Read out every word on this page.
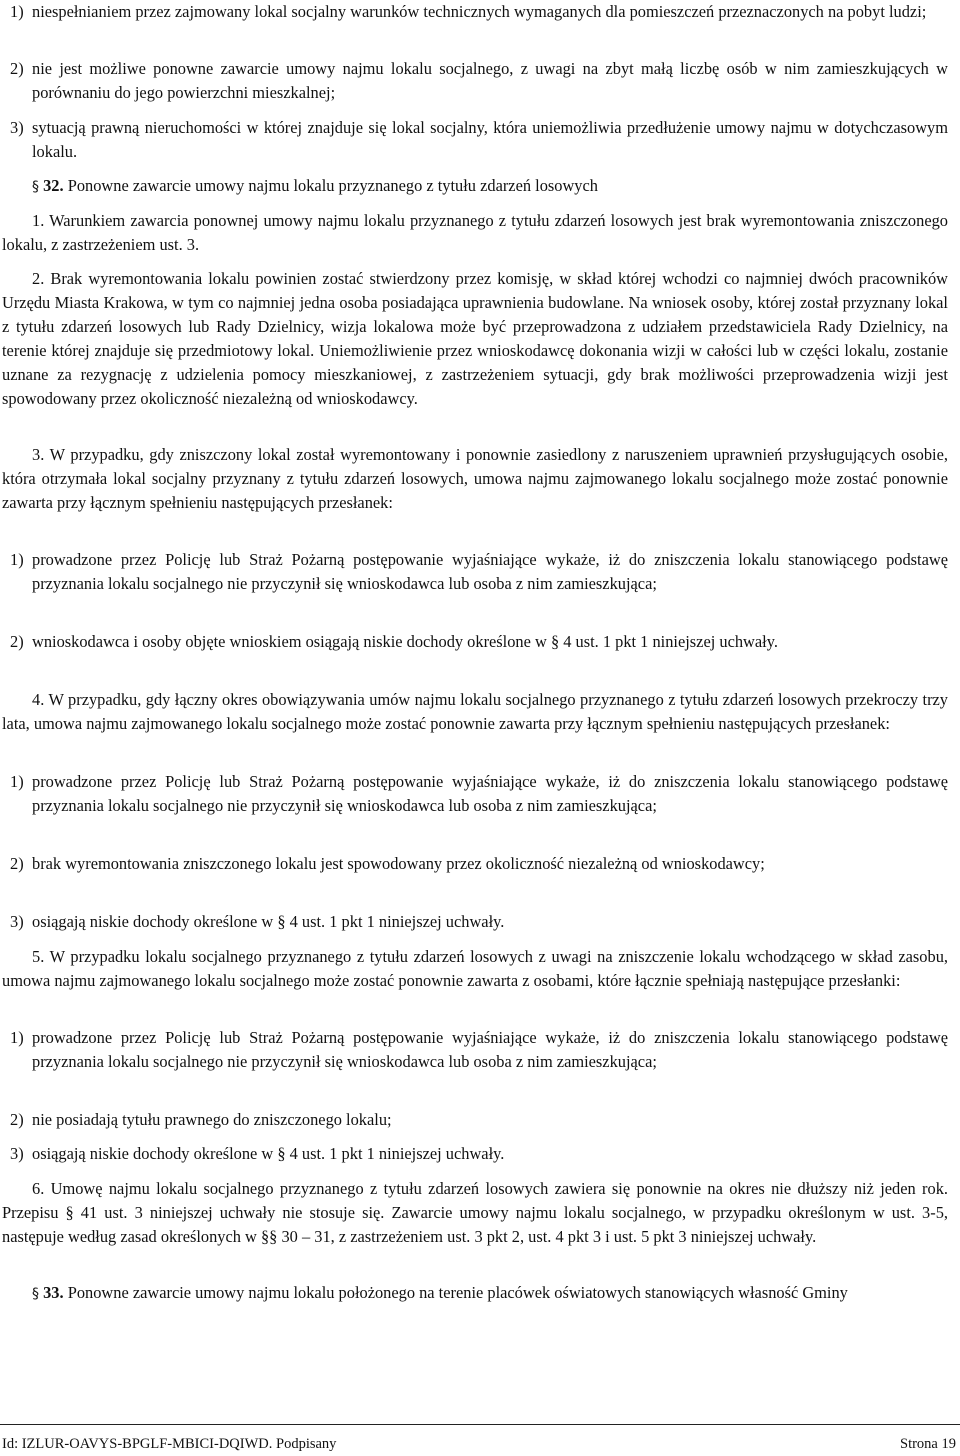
1) niespełnianiem przez zajmowany lokal socjalny warunków technicznych wymaganych dla pomieszczeń przeznaczonych na pobyt ludzi;
2) nie jest możliwe ponowne zawarcie umowy najmu lokalu socjalnego, z uwagi na zbyt małą liczbę osób w nim zamieszkujących w porównaniu do jego powierzchni mieszkalnej;
3) sytuacją prawną nieruchomości w której znajduje się lokal socjalny, która uniemożliwia przedłużenie umowy najmu w dotychczasowym lokalu.

§ 32. Ponowne zawarcie umowy najmu lokalu przyznanego z tytułu zdarzeń losowych

1. Warunkiem zawarcia ponownej umowy najmu lokalu przyznanego z tytułu zdarzeń losowych jest brak wyremontowania zniszczonego lokalu, z zastrzeżeniem ust. 3.

2. Brak wyremontowania lokalu powinien zostać stwierdzony przez komisję, w skład której wchodzi co najmniej dwóch pracowników Urzędu Miasta Krakowa, w tym co najmniej jedna osoba posiadająca uprawnienia budowlane. Na wniosek osoby, której został przyznany lokal z tytułu zdarzeń losowych lub Rady Dzielnicy, wizja lokalowa może być przeprowadzona z udziałem przedstawiciela Rady Dzielnicy, na terenie której znajduje się przedmiotowy lokal. Uniemożliwienie przez wnioskodawcę dokonania wizji w całości lub w części lokalu, zostanie uznane za rezygnację z udzielenia pomocy mieszkaniowej, z zastrzeżeniem sytuacji, gdy brak możliwości przeprowadzenia wizji jest spowodowany przez okoliczność niezależną od wnioskodawcy.

3. W przypadku, gdy zniszczony lokal został wyremontowany i ponownie zasiedlony z naruszeniem uprawnień przysługujących osobie, która otrzymała lokal socjalny przyznany z tytułu zdarzeń losowych, umowa najmu zajmowanego lokalu socjalnego może zostać ponownie zawarta przy łącznym spełnieniu następujących przesłanek:

1) prowadzone przez Policję lub Straż Pożarną postępowanie wyjaśniające wykaże, iż do zniszczenia lokalu stanowiącego podstawę przyznania lokalu socjalnego nie przyczynił się wnioskodawca lub osoba z nim zamieszkująca;
2) wnioskodawca i osoby objęte wnioskiem osiągają niskie dochody określone w § 4 ust. 1 pkt 1 niniejszej uchwały.

4. W przypadku, gdy łączny okres obowiązywania umów najmu lokalu socjalnego przyznanego z tytułu zdarzeń losowych przekroczy trzy lata, umowa najmu zajmowanego lokalu socjalnego może zostać ponownie zawarta przy łącznym spełnieniu następujących przesłanek:

1) prowadzone przez Policję lub Straż Pożarną postępowanie wyjaśniające wykaże, iż do zniszczenia lokalu stanowiącego podstawę przyznania lokalu socjalnego nie przyczynił się wnioskodawca lub osoba z nim zamieszkująca;
2) brak wyremontowania zniszczonego lokalu jest spowodowany przez okoliczność niezależną od wnioskodawcy;
3) osiągają niskie dochody określone w § 4 ust. 1 pkt 1 niniejszej uchwały.

5. W przypadku lokalu socjalnego przyznanego z tytułu zdarzeń losowych z uwagi na zniszczenie lokalu wchodzącego w skład zasobu, umowa najmu zajmowanego lokalu socjalnego może zostać ponownie zawarta z osobami, które łącznie spełniają następujące przesłanki:

1) prowadzone przez Policję lub Straż Pożarną postępowanie wyjaśniające wykaże, iż do zniszczenia lokalu stanowiącego podstawę przyznania lokalu socjalnego nie przyczynił się wnioskodawca lub osoba z nim zamieszkująca;
2) nie posiadają tytułu prawnego do zniszczonego lokalu;
3) osiągają niskie dochody określone w § 4 ust. 1 pkt 1 niniejszej uchwały.

6. Umowę najmu lokalu socjalnego przyznanego z tytułu zdarzeń losowych zawiera się ponownie na okres nie dłuższy niż jeden rok. Przepisu § 41 ust. 3 niniejszej uchwały nie stosuje się. Zawarcie umowy najmu lokalu socjalnego, w przypadku określonym w ust. 3-5, następuje według zasad określonych w §§ 30 – 31, z zastrzeżeniem ust. 3 pkt 2, ust. 4 pkt 3 i ust. 5 pkt 3 niniejszej uchwały.

§ 33. Ponowne zawarcie umowy najmu lokalu położonego na terenie placówek oświatowych stanowiących własność Gminy

Id: IZLUR-OAVYS-BPGLF-MBICI-DQIWD. Podpisany	Strona 19
